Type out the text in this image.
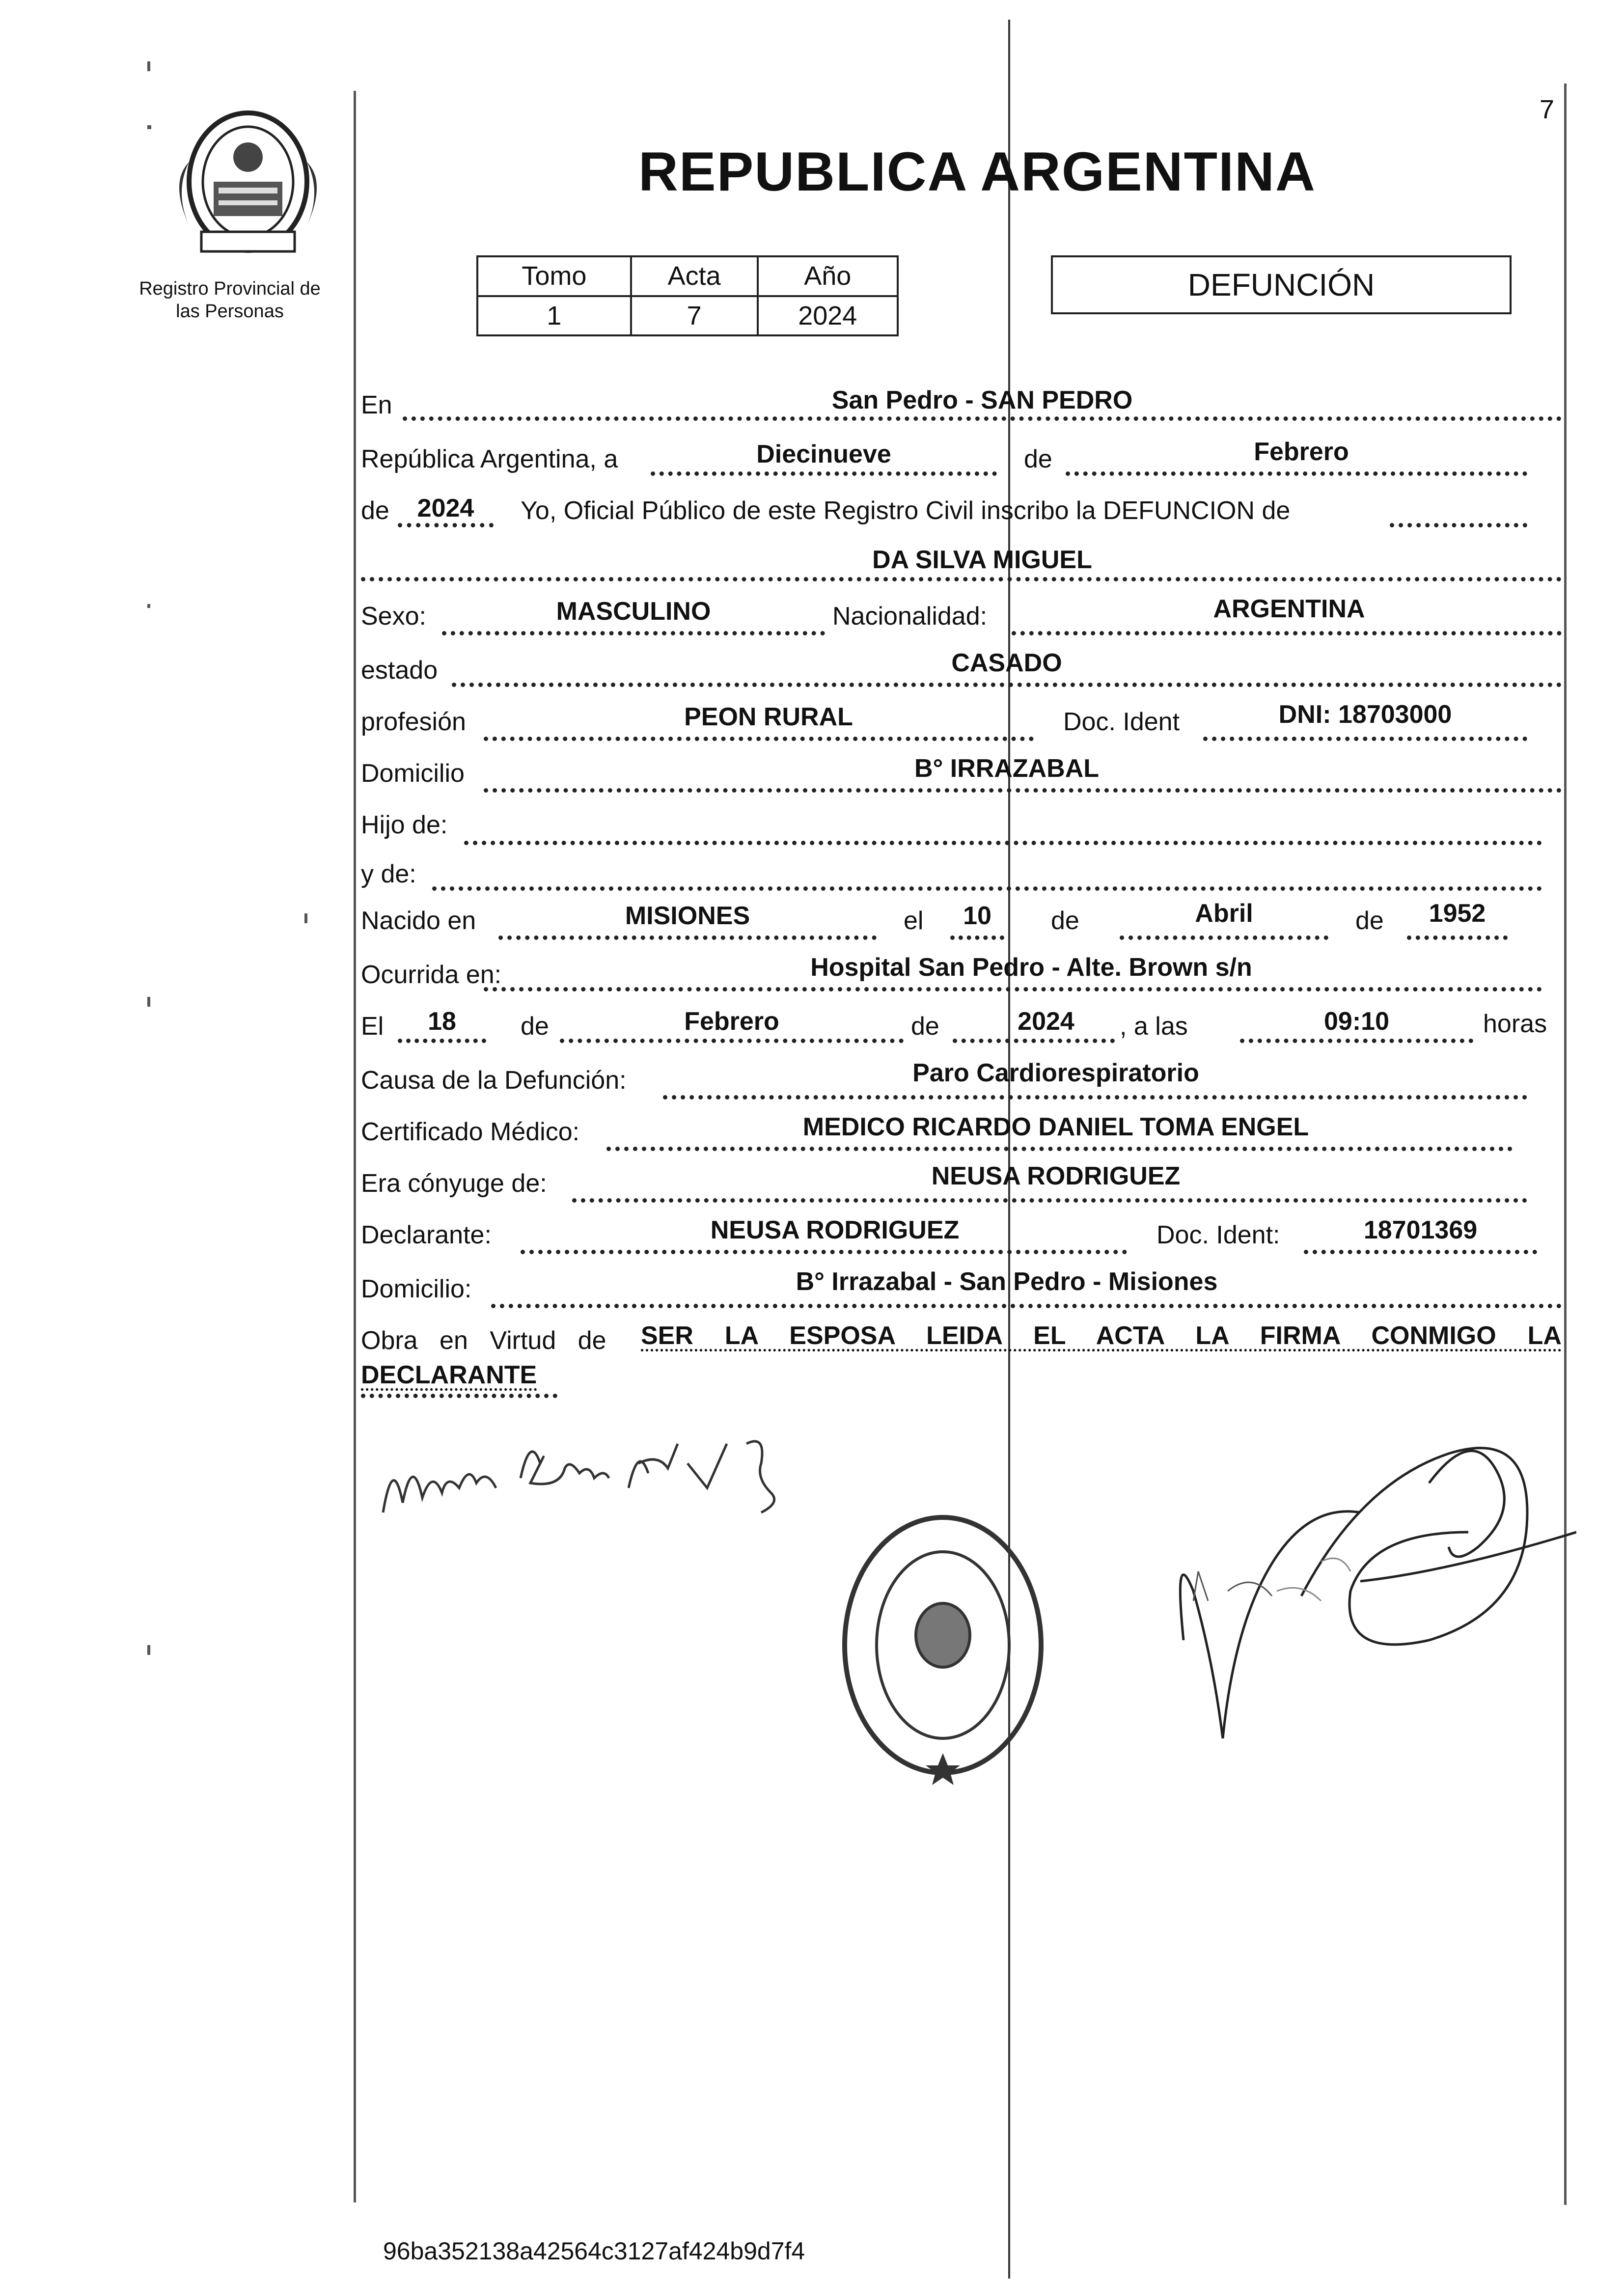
Registro Provincial de las Personas
7
REPUBLICA ARGENTINA
Tomo	Acta	Año
1	7	2024
DEFUNCIÓN
En	San Pedro - SAN PEDRO
República Argentina, a	Diecinueve	de	Febrero
de	2024	Yo, Oficial Público de este Registro Civil inscribo la DEFUNCION de
DA SILVA MIGUEL
Sexo:	MASCULINO	Nacionalidad:	ARGENTINA
estado	CASADO
profesión	PEON RURAL	Doc. Ident	DNI: 18703000
Domicilio	B° IRRAZABAL
Hijo de:
y de:
Nacido en	MISIONES	el	10	de	Abril	de	1952
Ocurrida en:	Hospital San Pedro - Alte. Brown s/n
El	18	de	Febrero	de	2024	, a las	09:10	horas
Causa de la Defunción:	Paro Cardiorespiratorio
Certificado Médico:	MEDICO RICARDO DANIEL TOMA ENGEL
Era cónyuge de:	NEUSA RODRIGUEZ
Declarante:	NEUSA RODRIGUEZ	Doc. Ident:	18701369
Domicilio:	B° Irrazabal - San Pedro - Misiones
Obra en Virtud de SER LA ESPOSA LEIDA EL ACTA LA FIRMA CONMIGO LA
DECLARANTE
96ba352138a42564c3127af424b9d7f4
